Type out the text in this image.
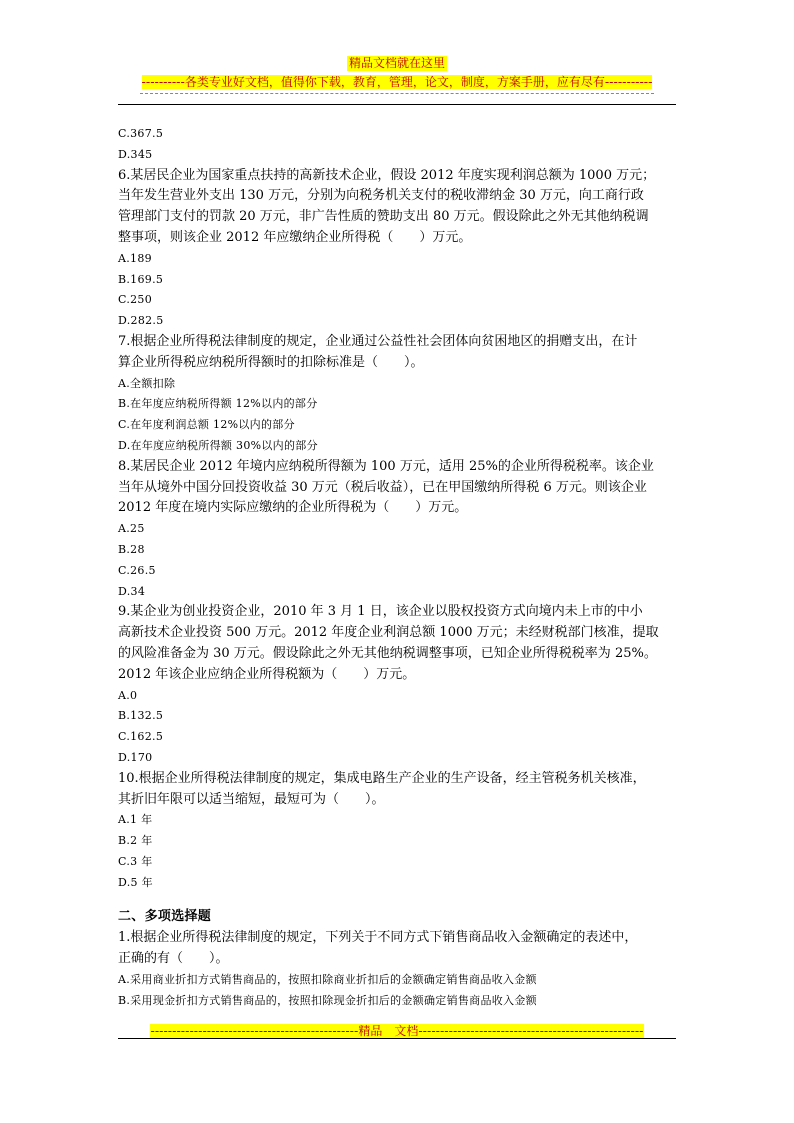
精品文档就在这里
----------各类专业好文档，值得你下载，教育，管理，论文，制度，方案手册，应有尽有-----------
C.367.5
D.345
6.某居民企业为国家重点扶持的高新技术企业，假设 2012 年度实现利润总额为 1000 万元；
当年发生营业外支出 130 万元，分别为向税务机关支付的税收滞纳金 30 万元，向工商行政
管理部门支付的罚款 20 万元，非广告性质的赞助支出 80 万元。假设除此之外无其他纳税调
整事项，则该企业 2012 年应缴纳企业所得税（　　）万元。
A.189
B.169.5
C.250
D.282.5
7.根据企业所得税法律制度的规定，企业通过公益性社会团体向贫困地区的捐赠支出，在计
算企业所得税应纳税所得额时的扣除标准是（　　）。
A.全额扣除
B.在年度应纳税所得额 12%以内的部分
C.在年度利润总额 12%以内的部分
D.在年度应纳税所得额 30%以内的部分
8.某居民企业 2012 年境内应纳税所得额为 100 万元，适用 25%的企业所得税税率。该企业
当年从境外中国分回投资收益 30 万元（税后收益），已在甲国缴纳所得税 6 万元。则该企业
2012 年度在境内实际应缴纳的企业所得税为（　　）万元。
A.25
B.28
C.26.5
D.34
9.某企业为创业投资企业，2010 年 3 月 1 日，该企业以股权投资方式向境内未上市的中小
高新技术企业投资 500 万元。2012 年度企业利润总额 1000 万元；未经财税部门核准，提取
的风险准备金为 30 万元。假设除此之外无其他纳税调整事项，已知企业所得税税率为 25%。
2012 年该企业应纳企业所得税额为（　　）万元。
A.0
B.132.5
C.162.5
D.170
10.根据企业所得税法律制度的规定，集成电路生产企业的生产设备，经主管税务机关核准，
其折旧年限可以适当缩短，最短可为（　　）。
A.1 年
B.2 年
C.3 年
D.5 年
二、多项选择题
1.根据企业所得税法律制度的规定，下列关于不同方式下销售商品收入金额确定的表述中，
正确的有（　　）。
A.采用商业折扣方式销售商品的，按照扣除商业折扣后的金额确定销售商品收入金额
B.采用现金折扣方式销售商品的，按照扣除现金折扣后的金额确定销售商品收入金额
------------------------------------------------精品　文档----------------------------------------------------
